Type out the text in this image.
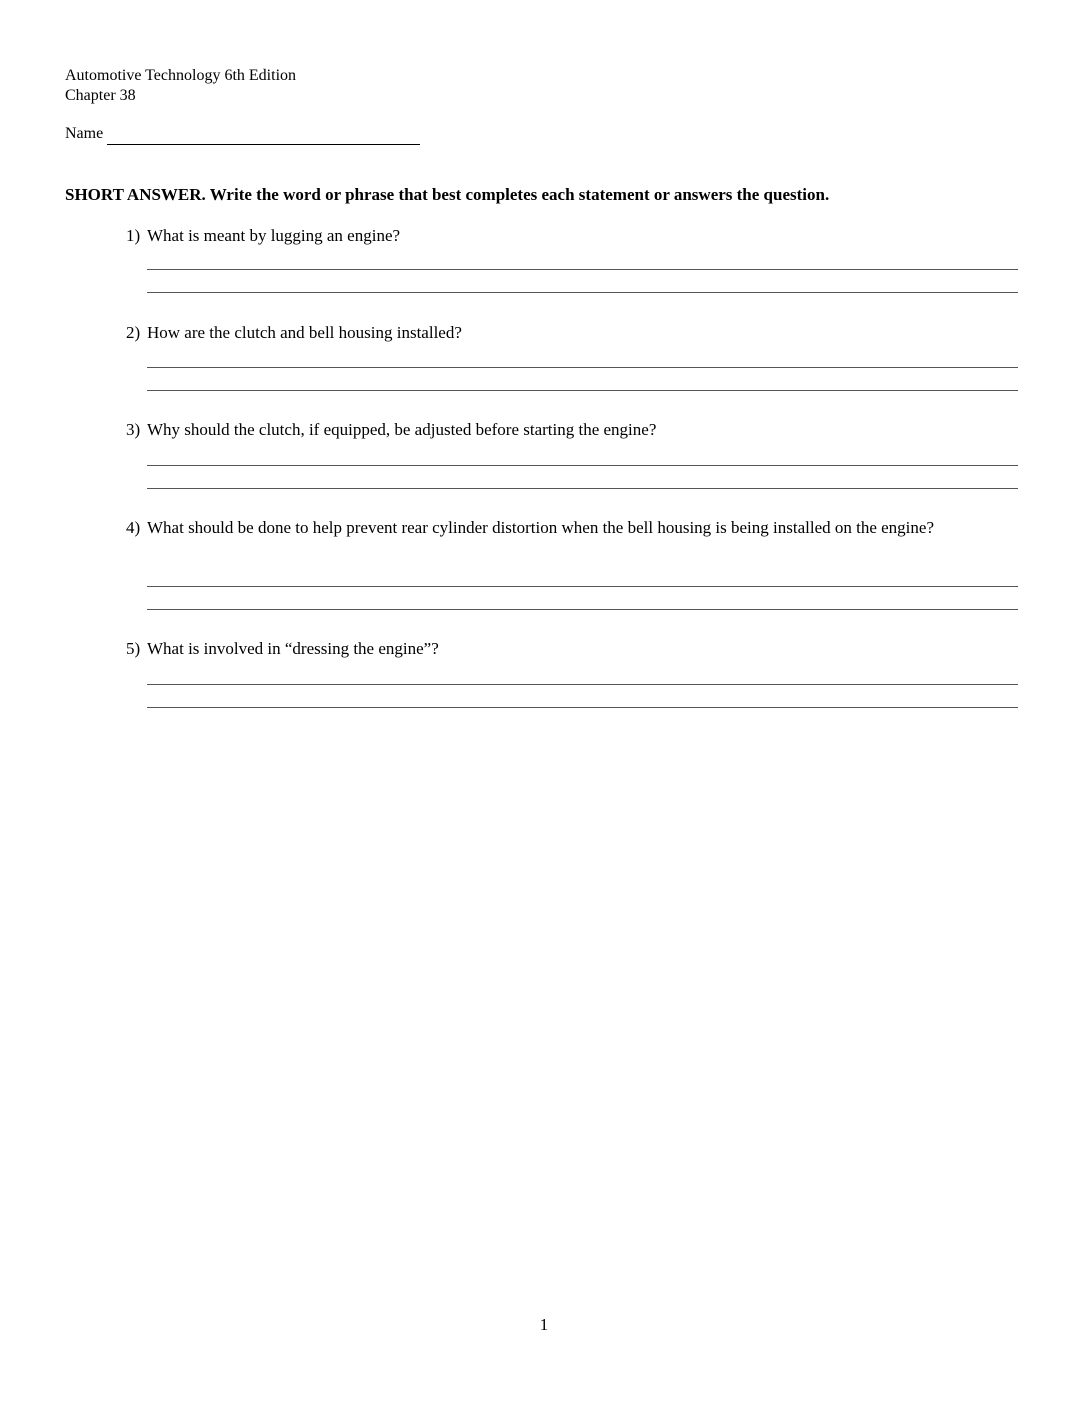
Automotive Technology 6th Edition
Chapter 38
Name
SHORT ANSWER. Write the word or phrase that best completes each statement or answers the question.
1) What is meant by lugging an engine?
2) How are the clutch and bell housing installed?
3) Why should the clutch, if equipped, be adjusted before starting the engine?
4) What should be done to help prevent rear cylinder distortion when the bell housing is being installed on the engine?
5) What is involved in “dressing the engine”?
1
